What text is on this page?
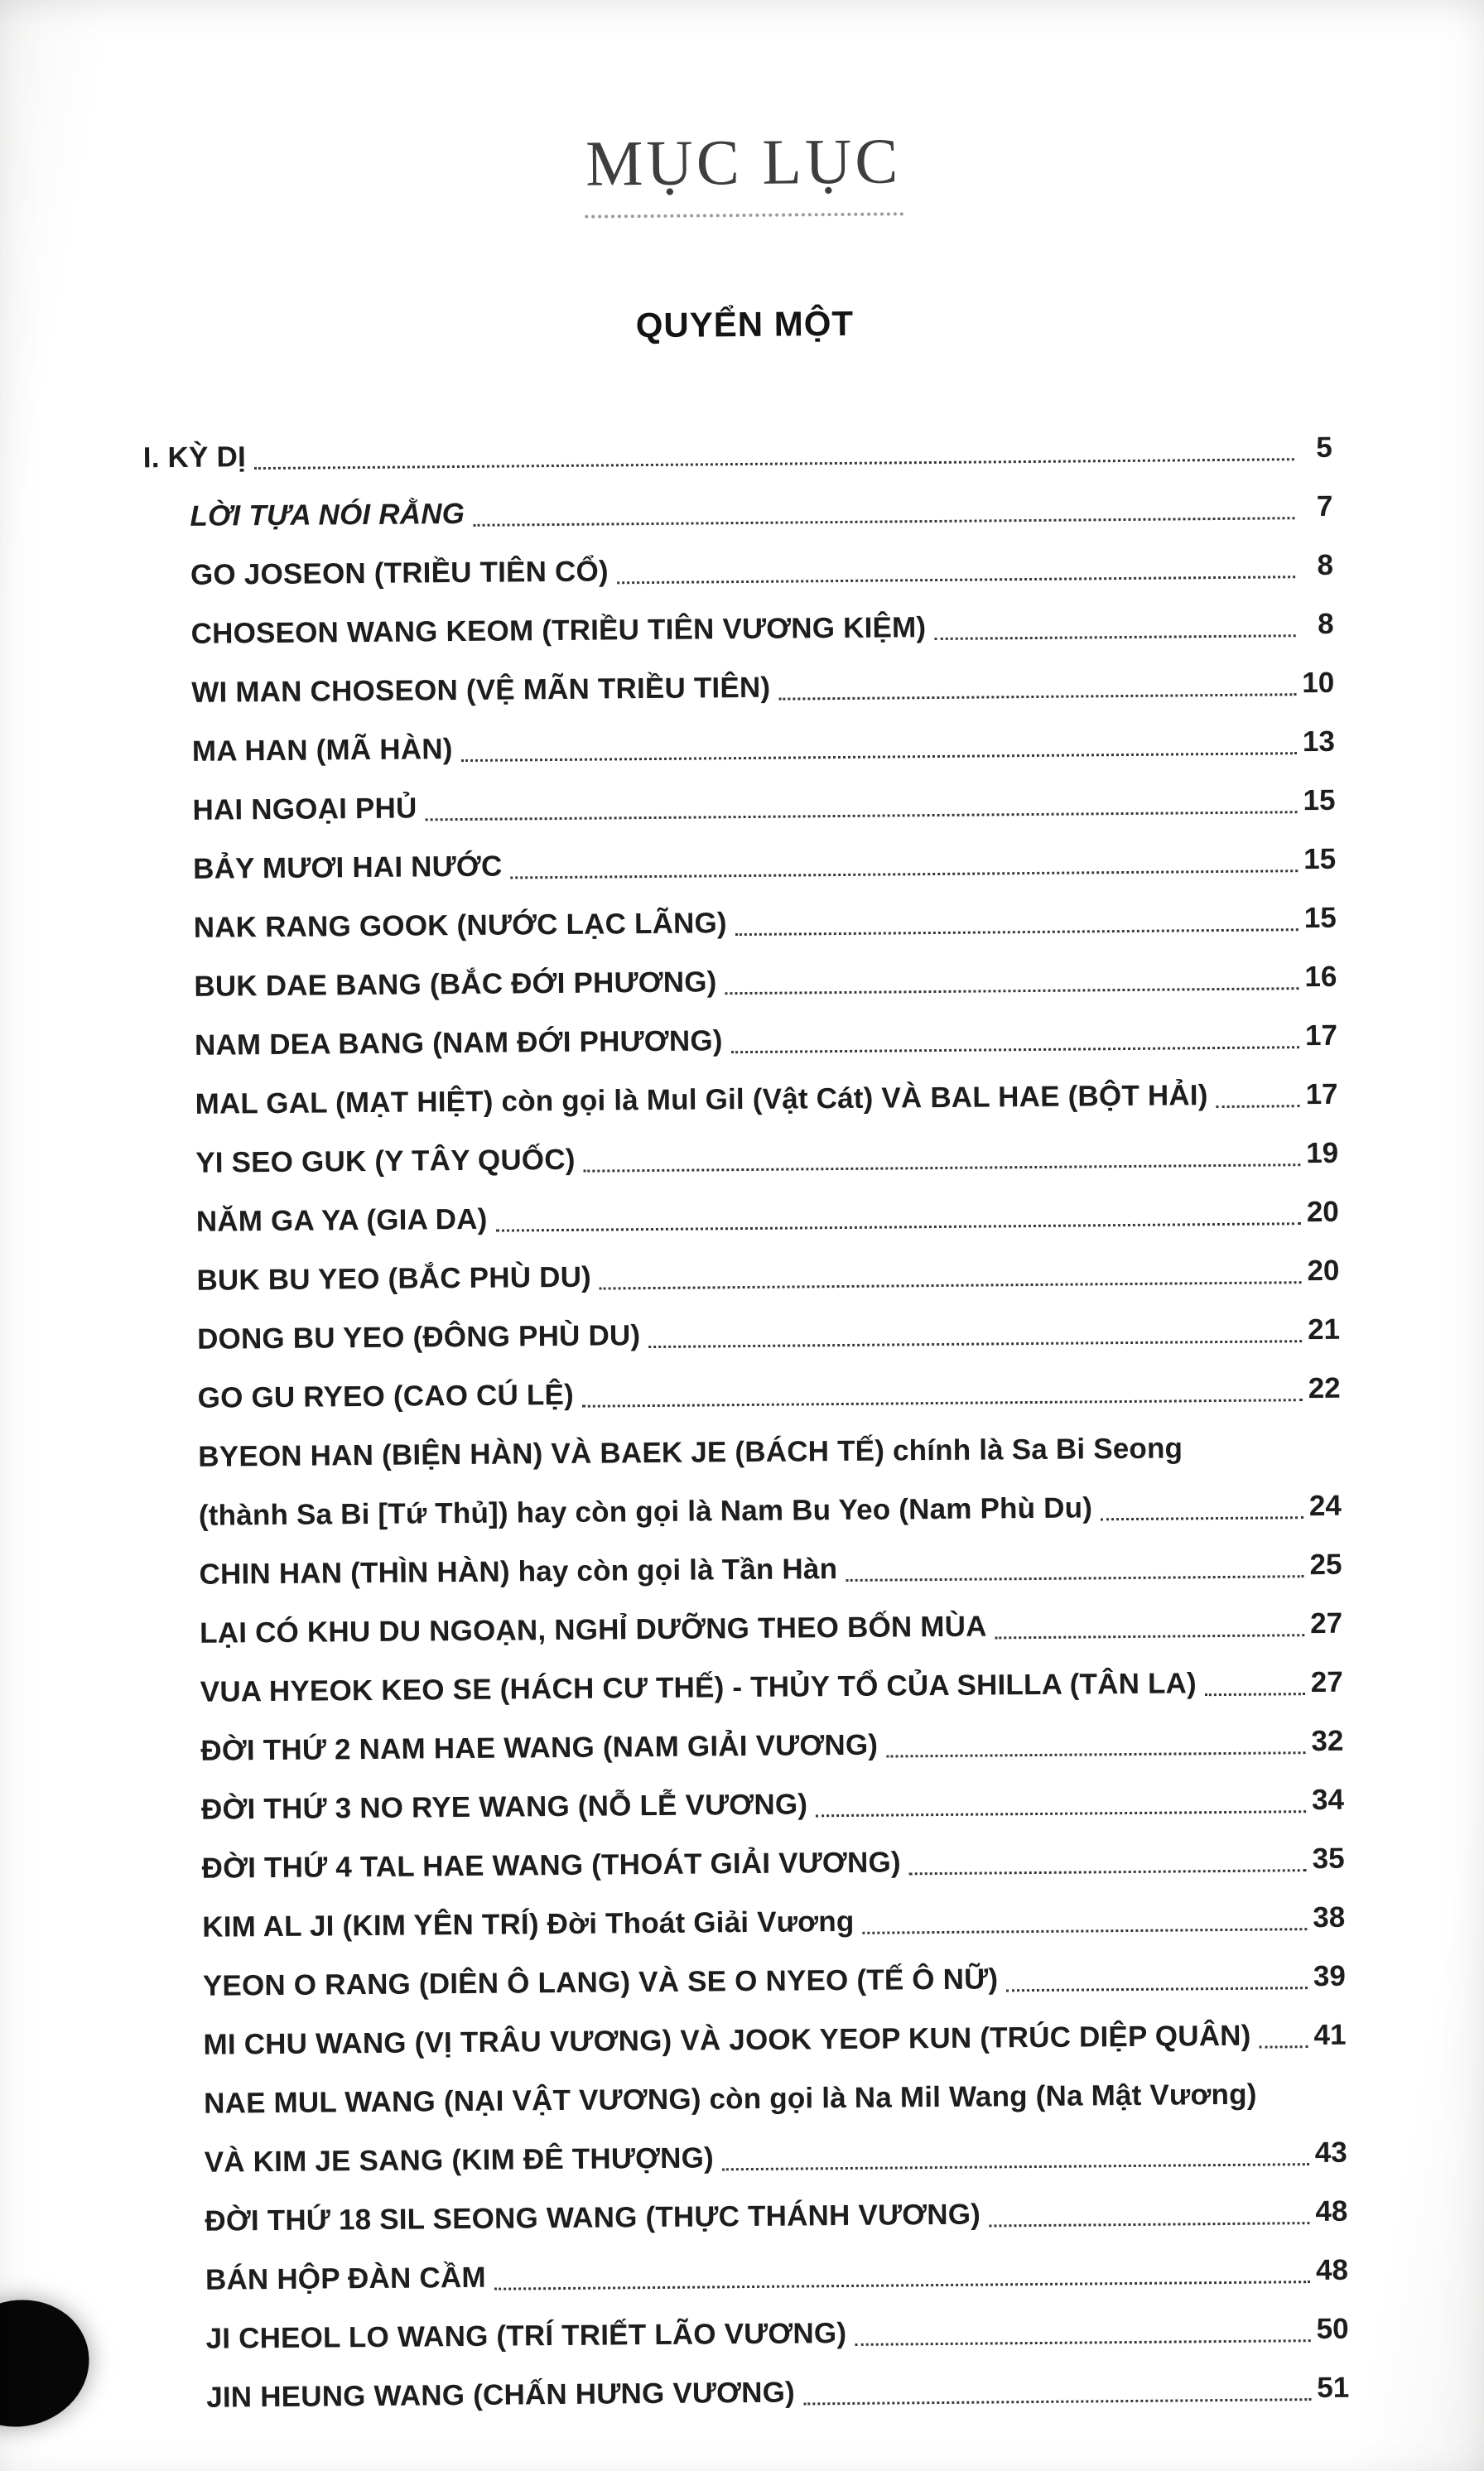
MỤC LỤC
QUYỂN MỘT
I. KỲ DỊ	5
LỜI TỰA NÓI RẰNG	7
GO JOSEON (TRIỀU TIÊN CỔ)	8
CHOSEON WANG KEOM (TRIỀU TIÊN VƯƠNG KIỆM)	8
WI MAN CHOSEON (VỆ MÃN TRIỀU TIÊN)	10
MA HAN (MÃ HÀN)	13
HAI NGOẠI PHỦ	15
BẢY MƯƠI HAI NƯỚC	15
NAK RANG GOOK (NƯỚC LẠC LÃNG)	15
BUK DAE BANG (BẮC ĐỚI PHƯƠNG)	16
NAM DEA BANG (NAM ĐỚI PHƯƠNG)	17
MAL GAL (MẠT HIỆT) còn gọi là Mul Gil (Vật Cát) VÀ BAL HAE (BỘT HẢI)	17
YI SEO GUK (Y TÂY QUỐC)	19
NĂM GA YA (GIA DA)	20
BUK BU YEO (BẮC PHÙ DU)	20
DONG BU YEO (ĐÔNG PHÙ DU)	21
GO GU RYEO (CAO CÚ LỆ)	22
BYEON HAN (BIỆN HÀN) VÀ BAEK JE (BÁCH TẾ) chính là Sa Bi Seong
(thành Sa Bi [Tứ Thủ]) hay còn gọi là Nam Bu Yeo (Nam Phù Du)	24
CHIN HAN (THÌN HÀN) hay còn gọi là Tần Hàn	25
LẠI CÓ KHU DU NGOẠN, NGHỈ DƯỠNG THEO BỐN MÙA	27
VUA HYEOK KEO SE (HÁCH CƯ THẾ) - THỦY TỔ CỦA SHILLA (TÂN LA)	27
ĐỜI THỨ 2 NAM HAE WANG (NAM GIẢI VƯƠNG)	32
ĐỜI THỨ 3 NO RYE WANG (NỖ LỄ VƯƠNG)	34
ĐỜI THỨ 4 TAL HAE WANG (THOÁT GIẢI VƯƠNG)	35
KIM AL JI (KIM YÊN TRÍ) Đời Thoát Giải Vương	38
YEON O RANG (DIÊN Ô LANG) VÀ SE O NYEO (TẾ Ô NỮ)	39
MI CHU WANG (VỊ TRÂU VƯƠNG) VÀ JOOK YEOP KUN (TRÚC DIỆP QUÂN) 41
NAE MUL WANG (NẠI VẬT VƯƠNG) còn gọi là Na Mil Wang (Na Mật Vương)
VÀ KIM JE SANG (KIM ĐÊ THƯỢNG)	43
ĐỜI THỨ 18 SIL SEONG WANG (THỰC THÁNH VƯƠNG)	48
BÁN HỘP ĐÀN CẦM	48
JI CHEOL LO WANG (TRÍ TRIẾT LÃO VƯƠNG)	50
JIN HEUNG WANG (CHẤN HƯNG VƯƠNG)	51
